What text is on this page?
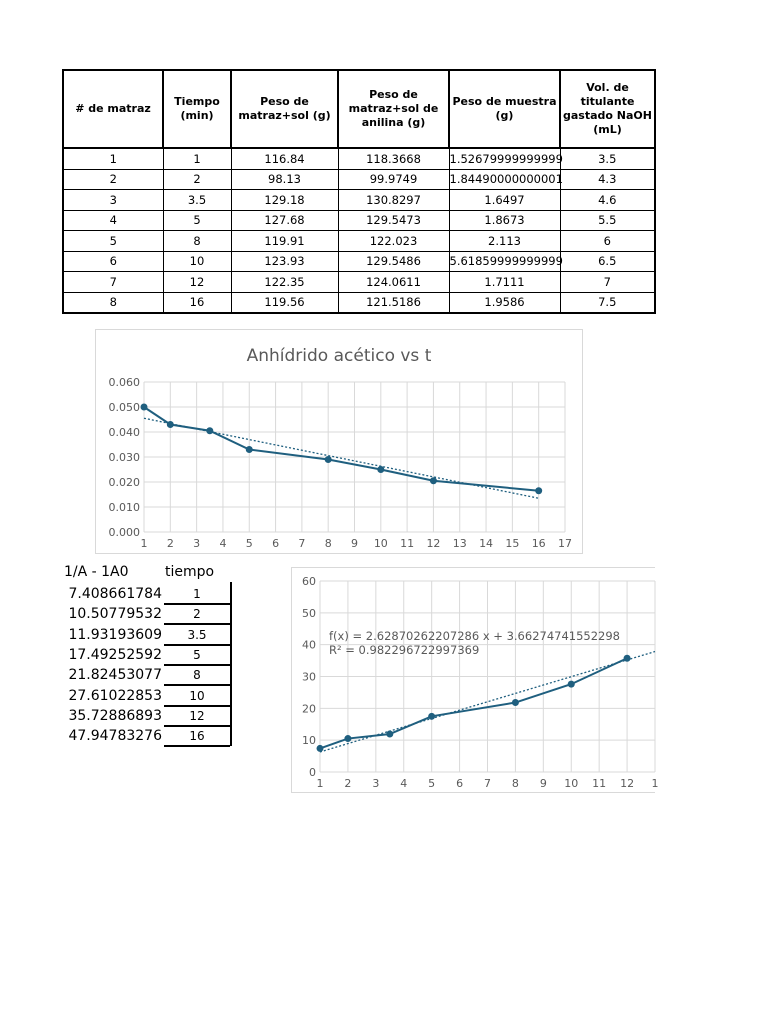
# de matraz	Tiempo (min)	Peso de matraz+sol (g)	Peso de matraz+sol de anilina (g)	Peso de muestra (g)	Vol. de titulante gastado NaOH (mL)
1	1	116.84	118.3668	1.52679999999999	3.5
2	2	98.13	99.9749	1.84490000000001	4.3
3	3.5	129.18	130.8297	1.6497	4.6
4	5	127.68	129.5473	1.8673	5.5
5	8	119.91	122.023	2.113	6
6	10	123.93	129.5486	5.61859999999999	6.5
7	12	122.35	124.0611	1.7111	7
8	16	119.56	121.5186	1.9586	7.5
Anhídrido acético vs t
0.000
0.010
0.020
0.030
0.040
0.050
0.060
1 2 3 4 5 6 7 8 9 10 11 12 13 14 15 16 17
1/A - 1A0	tiempo
7.408661784	1
10.50779532	2
11.93193609	3.5
17.49252592	5
21.82453077	8
27.61022853	10
35.72886893	12
47.94783276	16
0
10
20
30
40
50
60
1 2 3 4 5 6 7 8 9 10 11 12 1
f(x) = 2.62870262207286 x + 3.66274741552298
R² = 0.982296722997369
